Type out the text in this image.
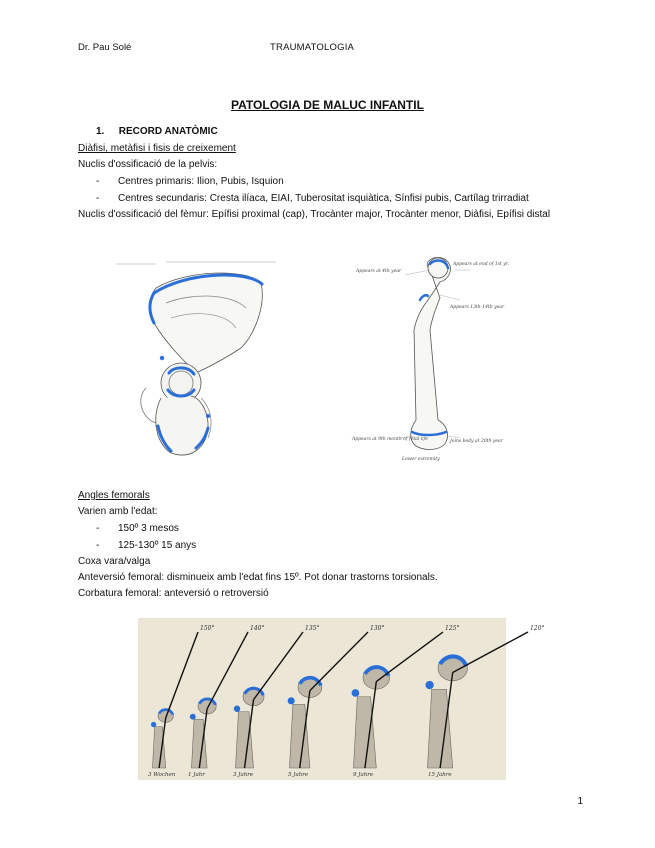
Dr. Pau Solé	TRAUMATOLOGIA
PATOLOGIA DE MALUC INFANTIL
1. RECORD ANATÒMIC
Diàfisi, metàfisi i fisis de creixement
Nuclis d'ossificació de la pelvis:
- Centres primaris: Ilion, Pubis, Isquion
- Centres secundaris: Cresta ilíaca, EIAI, Tuberositat isquiàtica, Sínfisi pubis, Cartílag trirradiat
Nuclis d'ossificació del fèmur: Epífisi proximal (cap), Trocànter major, Trocànter menor, Diàfisi, Epífisi distal
Appears at 4th year
Appears at end of 1st yr.
Appears 13th-14th year
Appears at 9th month of fetal life	Joins body at 20th year
Lower extremity
Angles femorals
Varien amb l'edat:
- 150º 3 mesos
- 125-130º 15 anys
Coxa vara/valga
Anteversió femoral: disminueix amb l'edat fins 15º. Pot donar trastorns torsionals.
Corbatura femoral: anteversió o retroversió
150°	140°	135°	130°	125°	120°
3 Wochen 1 Jahr	3 Jahre	5 Jahre	9 Jahre	15 Jahre
1
